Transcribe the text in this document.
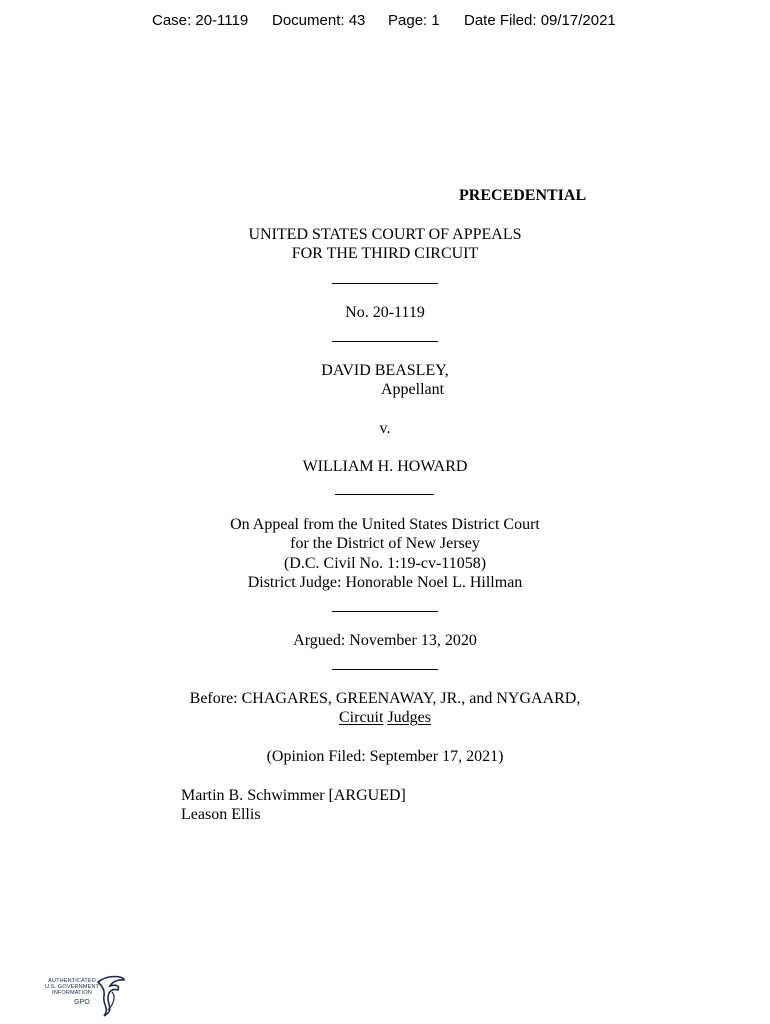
Case: 20-1119 Document: 43 Page: 1 Date Filed: 09/17/2021
PRECEDENTIAL
UNITED STATES COURT OF APPEALS
FOR THE THIRD CIRCUIT
No. 20-1119
DAVID BEASLEY,
Appellant
v.
WILLIAM H. HOWARD
On Appeal from the United States District Court
for the District of New Jersey
(D.C. Civil No. 1:19-cv-11058)
District Judge: Honorable Noel L. Hillman
Argued: November 13, 2020
Before: CHAGARES, GREENAWAY, JR., and NYGAARD,
Circuit Judges
(Opinion Filed: September 17, 2021)
Martin B. Schwimmer [ARGUED]
Leason Ellis
AUTHENTICATED
U.S. GOVERNMENT
INFORMATION
GPO
